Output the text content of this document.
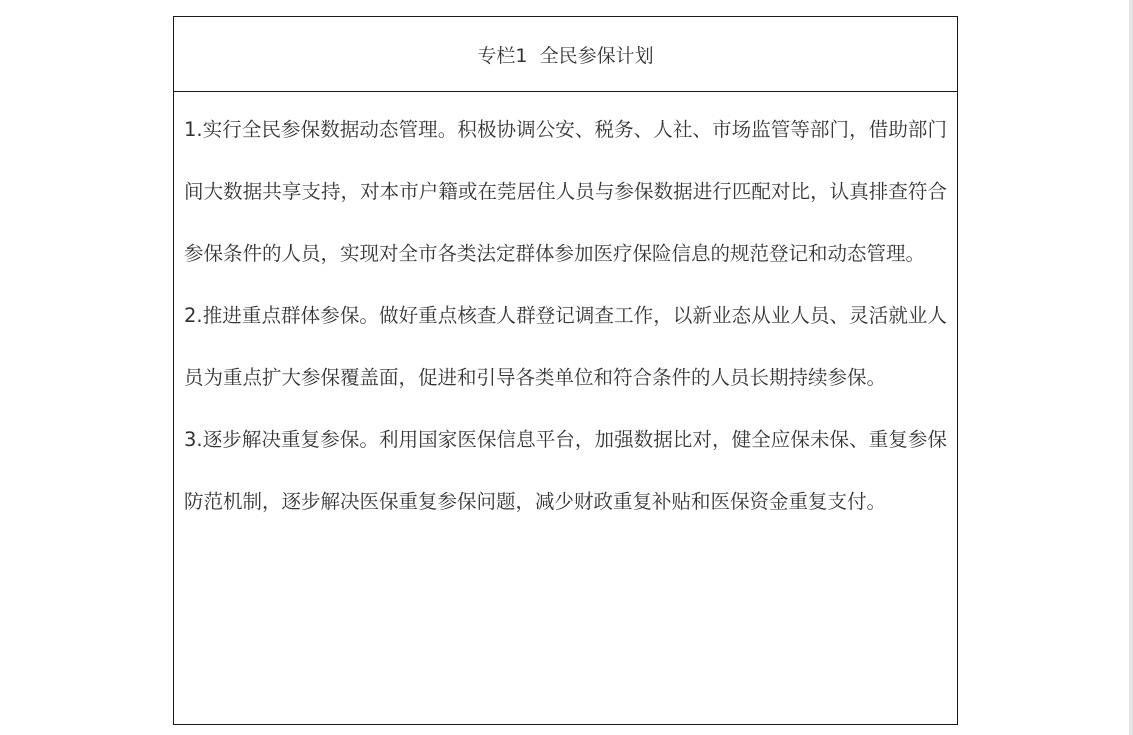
专栏1  全民参保计划

1.实行全民参保数据动态管理。积极协调公安、税务、人社、市场监管等部门，借助部门间大数据共享支持，对本市户籍或在莞居住人员与参保数据进行匹配对比，认真排查符合参保条件的人员，实现对全市各类法定群体参加医疗保险信息的规范登记和动态管理。

2.推进重点群体参保。做好重点核查人群登记调查工作，以新业态从业人员、灵活就业人员为重点扩大参保覆盖面，促进和引导各类单位和符合条件的人员长期持续参保。

3.逐步解决重复参保。利用国家医保信息平台，加强数据比对，健全应保未保、重复参保防范机制，逐步解决医保重复参保问题，减少财政重复补贴和医保资金重复支付。
